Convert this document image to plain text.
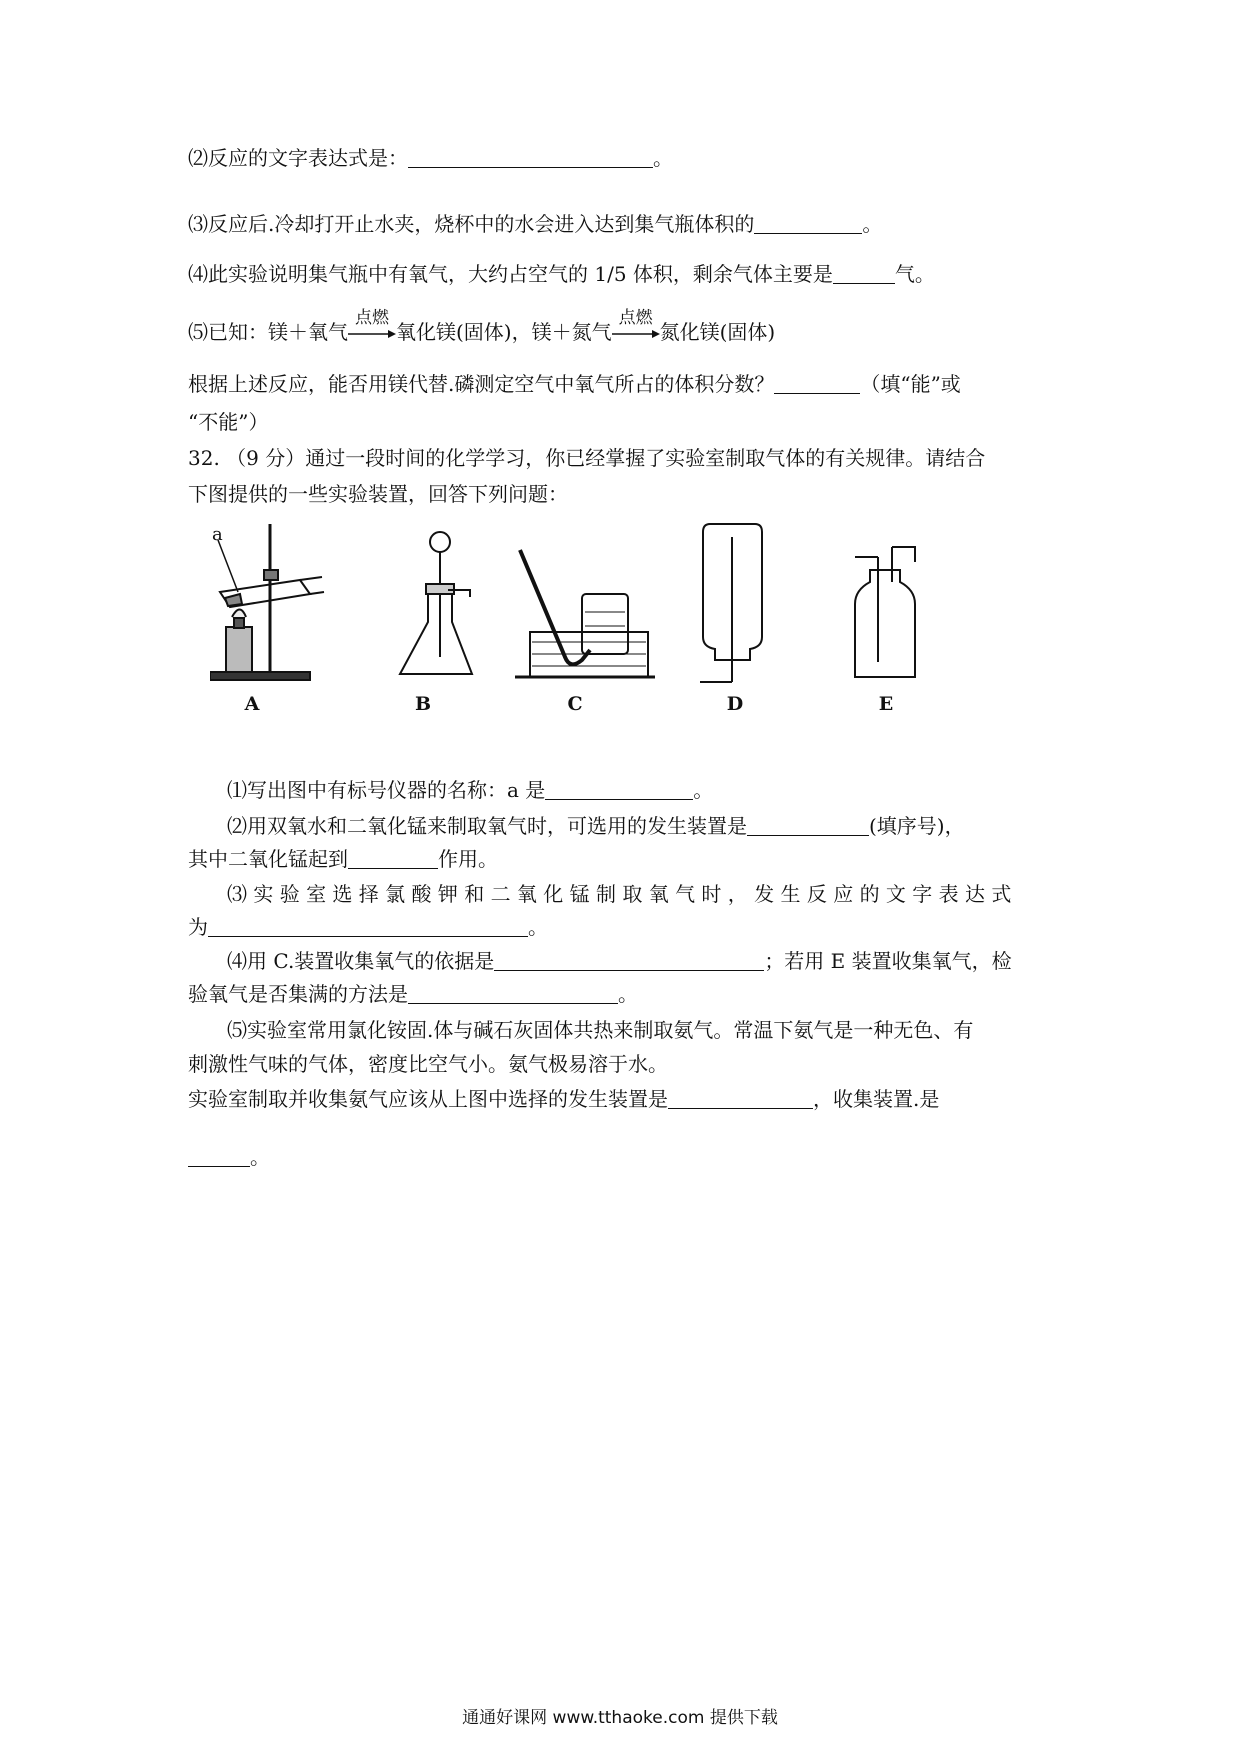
⑵反应的文字表达式是：	。
⑶反应后.冷却打开止水夹，烧杯中的水会进入达到集气瓶体积的	。
⑷此实验说明集气瓶中有氧气，大约占空气的 1/5 体积，剩余气体主要是	气。
⑸已知：镁＋氧气
点燃
氧化镁(固体)，镁＋氮气
点燃
氮化镁(固体)
根据上述反应，能否用镁代替.磷测定空气中氧气所占的体积分数？	（填“能”或
“不能”）
32. （9 分）通过一段时间的化学学习，你已经掌握了实验室制取气体的有关规律。请结合
下图提供的一些实验装置，回答下列问题：
a
A	B	C	D	E
⑴写出图中有标号仪器的名称：a 是	。
⑵用双氧水和二氧化锰来制取氧气时，可选用的发生装置是	(填序号)，
其中二氧化锰起到	作用。
⑶ 实 验 室 选 择 氯 酸 钾 和 二 氧 化 锰 制 取 氧 气 时 ， 发 生 反 应 的 文 字 表 达 式
为	。
⑷用 C.装置收集氧气的依据是	；若用 E 装置收集氧气，检
验氧气是否集满的方法是	。
⑸实验室常用氯化铵固.体与碱石灰固体共热来制取氨气。常温下氨气是一种无色、有
刺激性气味的气体，密度比空气小。氨气极易溶于水。
实验室制取并收集氨气应该从上图中选择的发生装置是	，收集装置.是
。
通通好课网 www.tthaoke.com 提供下载
